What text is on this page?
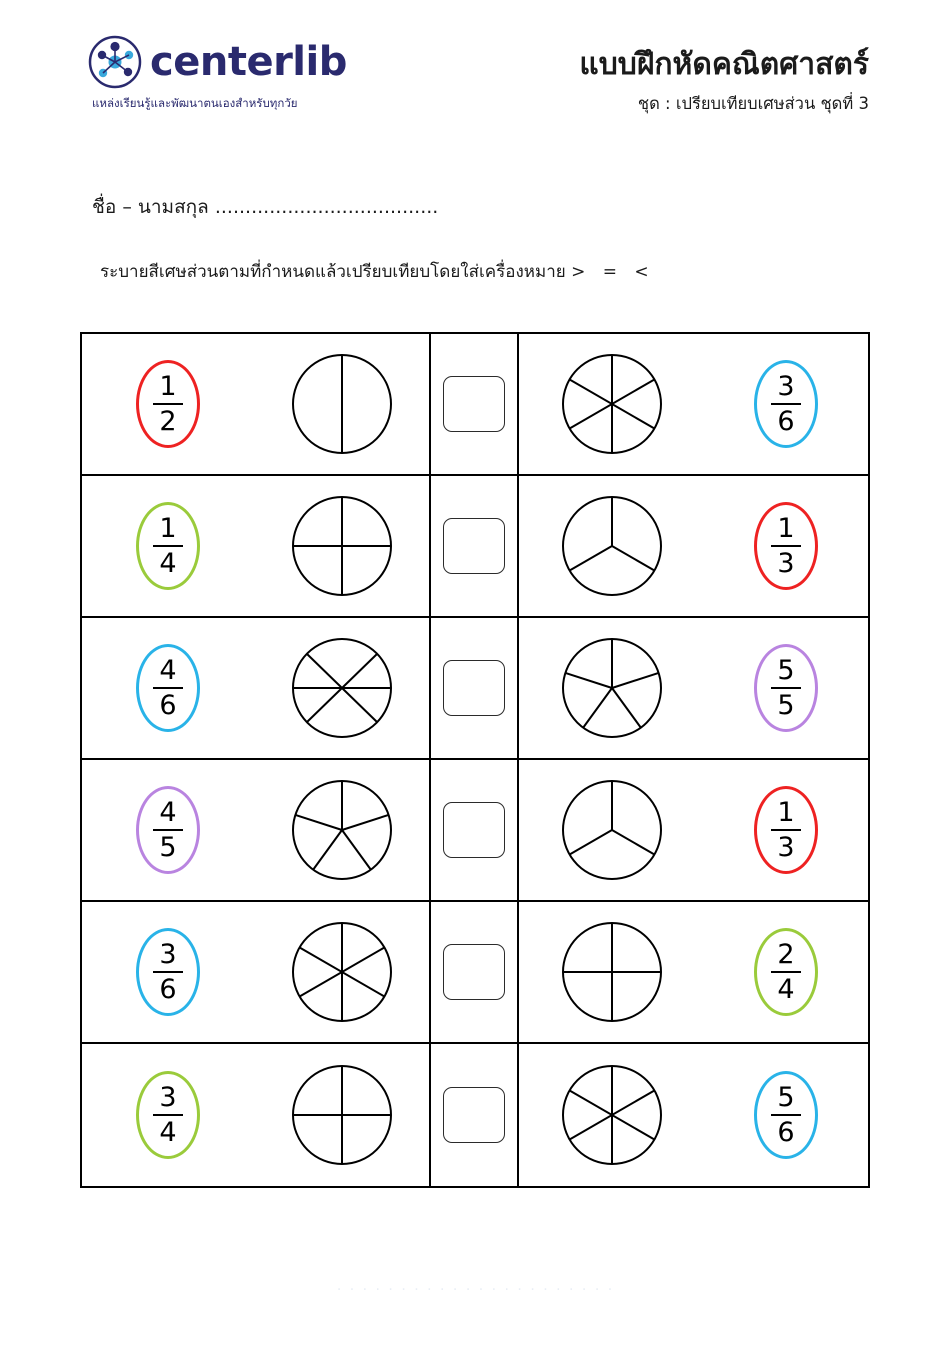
centerlib
แหล่งเรียนรู้และพัฒนาตนเองสำหรับทุกวัย
แบบฝึกหัดคณิตศาสตร์
ชุด : เปรียบเทียบเศษส่วน ชุดที่ 3
ชื่อ – นามสกุล .....................................
ระบายสีเศษส่วนตามที่กำหนดแล้วเปรียบเทียบโดยใส่เครื่องหมาย > = <
$\frac{1}{2}$	$\frac{3}{6}$
$\frac{1}{4}$	$\frac{1}{3}$
$\frac{4}{6}$	$\frac{5}{5}$
$\frac{4}{5}$	$\frac{1}{3}$
$\frac{3}{6}$	$\frac{2}{4}$
$\frac{3}{4}$	$\frac{5}{6}$
· · · · · · · · · · · · · · · · · · · · · ·
